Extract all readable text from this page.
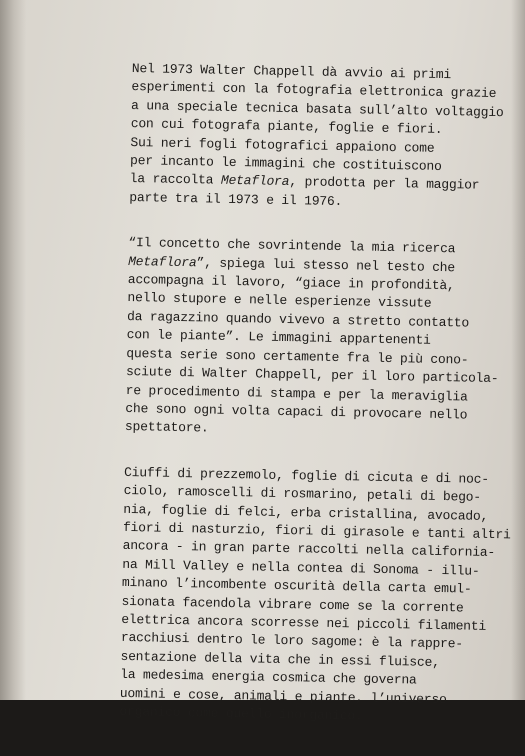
Nel 1973 Walter Chappell dà avvio ai primi
esperimenti con la fotografia elettronica grazie
a una speciale tecnica basata sull’alto voltaggio
con cui fotografa piante, foglie e fiori.
Sui neri fogli fotografici appaiono come
per incanto le immagini che costituiscono
la raccolta Metaflora, prodotta per la maggior
parte tra il 1973 e il 1976.
“Il concetto che sovrintende la mia ricerca
Metaflora”, spiega lui stesso nel testo che
accompagna il lavoro, “giace in profondità,
nello stupore e nelle esperienze vissute
da ragazzino quando vivevo a stretto contatto
con le piante”. Le immagini appartenenti
questa serie sono certamente fra le più cono-
sciute di Walter Chappell, per il loro particola-
re procedimento di stampa e per la meraviglia
che sono ogni volta capaci di provocare nello
spettatore.
Ciuffi di prezzemolo, foglie di cicuta e di noc-
ciolo, ramoscelli di rosmarino, petali di bego-
nia, foglie di felci, erba cristallina, avocado,
fiori di nasturzio, fiori di girasole e tanti altri
ancora - in gran parte raccolti nella california-
na Mill Valley e nella contea di Sonoma - illu-
minano l’incombente oscurità della carta emul-
sionata facendola vibrare come se la corrente
elettrica ancora scorresse nei piccoli filamenti
racchiusi dentro le loro sagome: è la rappre-
sentazione della vita che in essi fluisce,
la medesima energia cosmica che governa
uomini e cose, animali e piante, l’universo
organico come quello inorganico.
